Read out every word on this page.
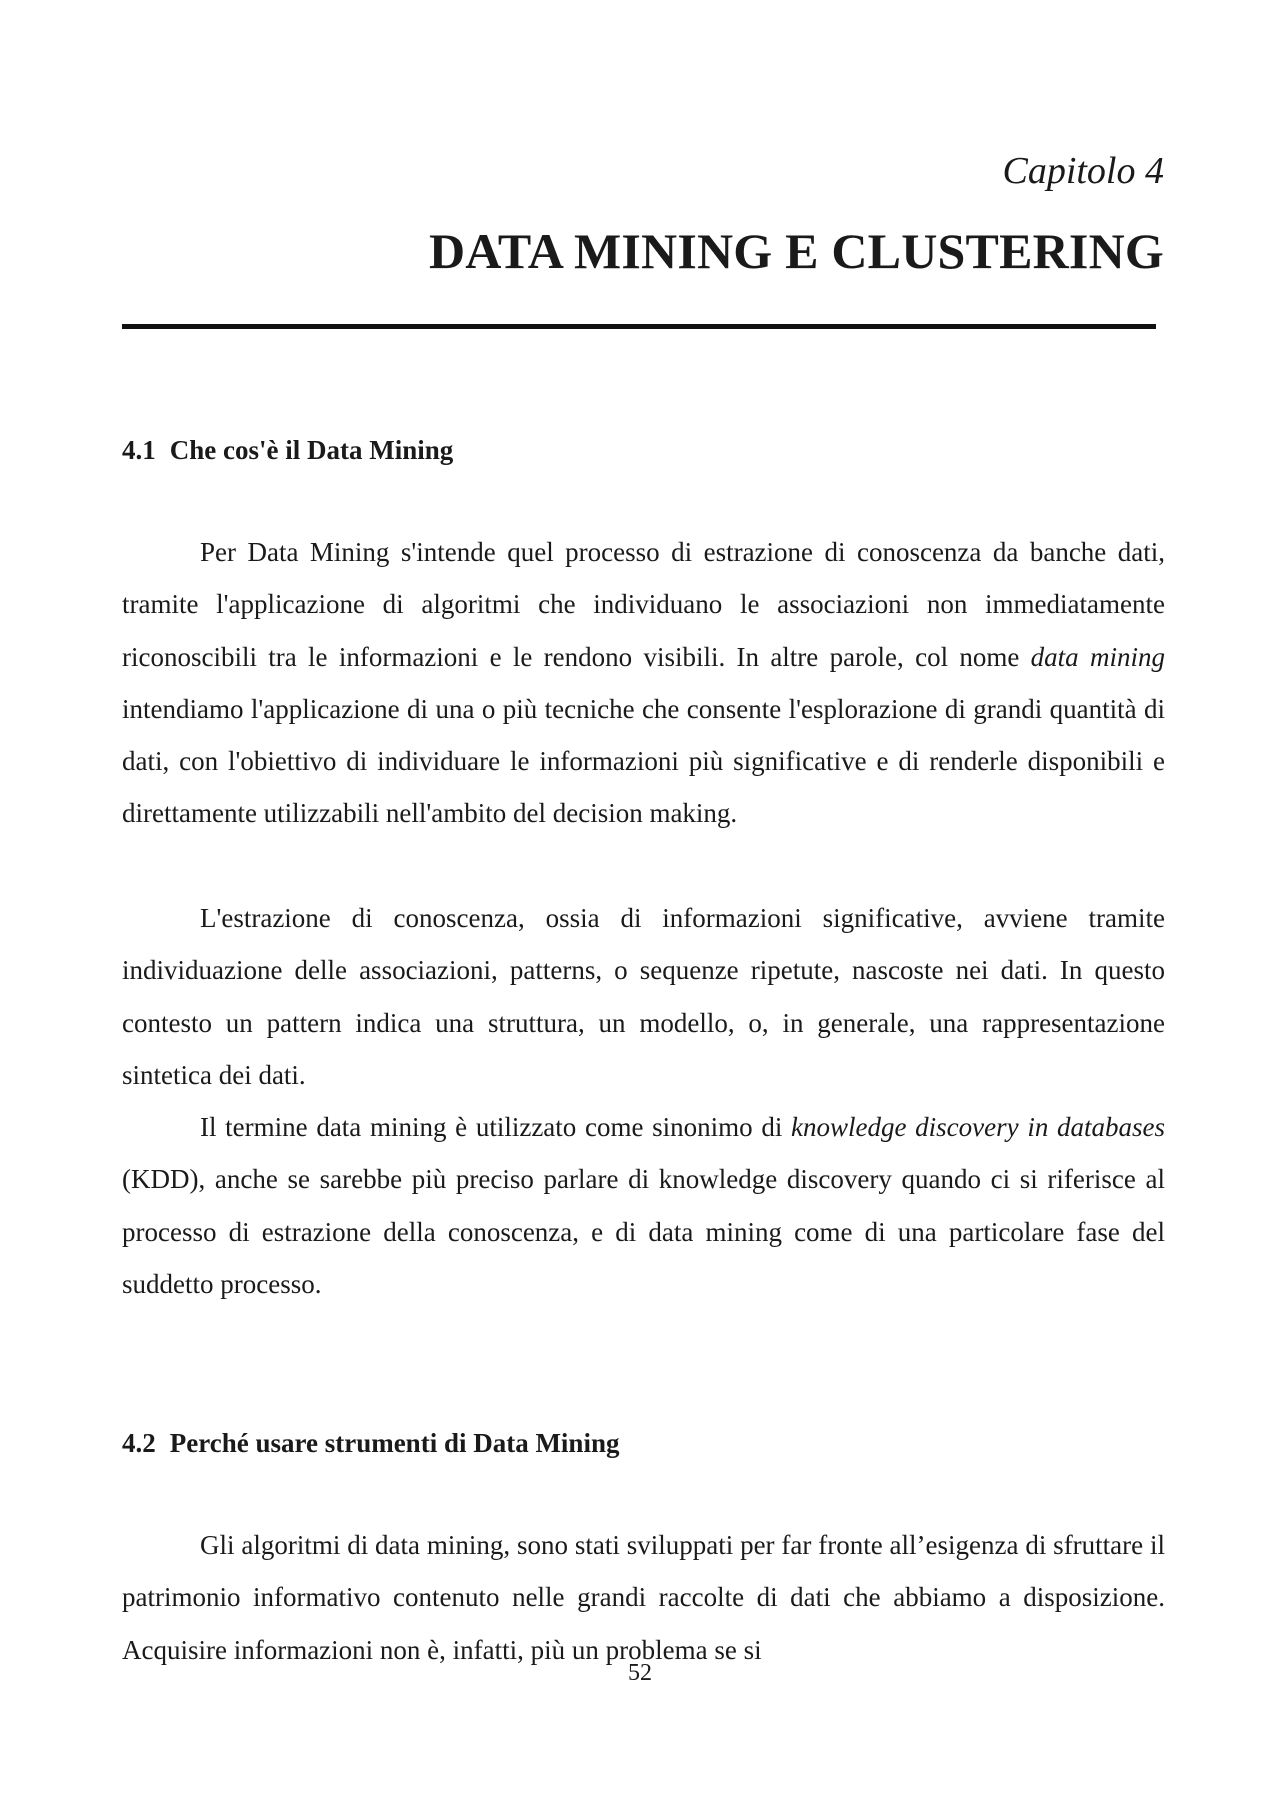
Capitolo 4

DATA MINING E CLUSTERING
4.1 Che cos'è il Data Mining

Per Data Mining s'intende quel processo di estrazione di conoscenza da banche dati, tramite l'applicazione di algoritmi che individuano le associazioni non immediatamente riconoscibili tra le informazioni e le rendono visibili. In altre parole, col nome data mining intendiamo l'applicazione di una o più tecniche che consente l'esplorazione di grandi quantità di dati, con l'obiettivo di individuare le informazioni più significative e di renderle disponibili e direttamente utilizzabili nell'ambito del decision making.

L'estrazione di conoscenza, ossia di informazioni significative, avviene tramite individuazione delle associazioni, patterns, o sequenze ripetute, nascoste nei dati. In questo contesto un pattern indica una struttura, un modello, o, in generale, una rappresentazione sintetica dei dati.

Il termine data mining è utilizzato come sinonimo di knowledge discovery in databases (KDD), anche se sarebbe più preciso parlare di knowledge discovery quando ci si riferisce al processo di estrazione della conoscenza, e di data mining come di una particolare fase del suddetto processo.

4.2 Perché usare strumenti di Data Mining

Gli algoritmi di data mining, sono stati sviluppati per far fronte all’esigenza di sfruttare il patrimonio informativo contenuto nelle grandi raccolte di dati che abbiamo a disposizione. Acquisire informazioni non è, infatti, più un problema se si

52
